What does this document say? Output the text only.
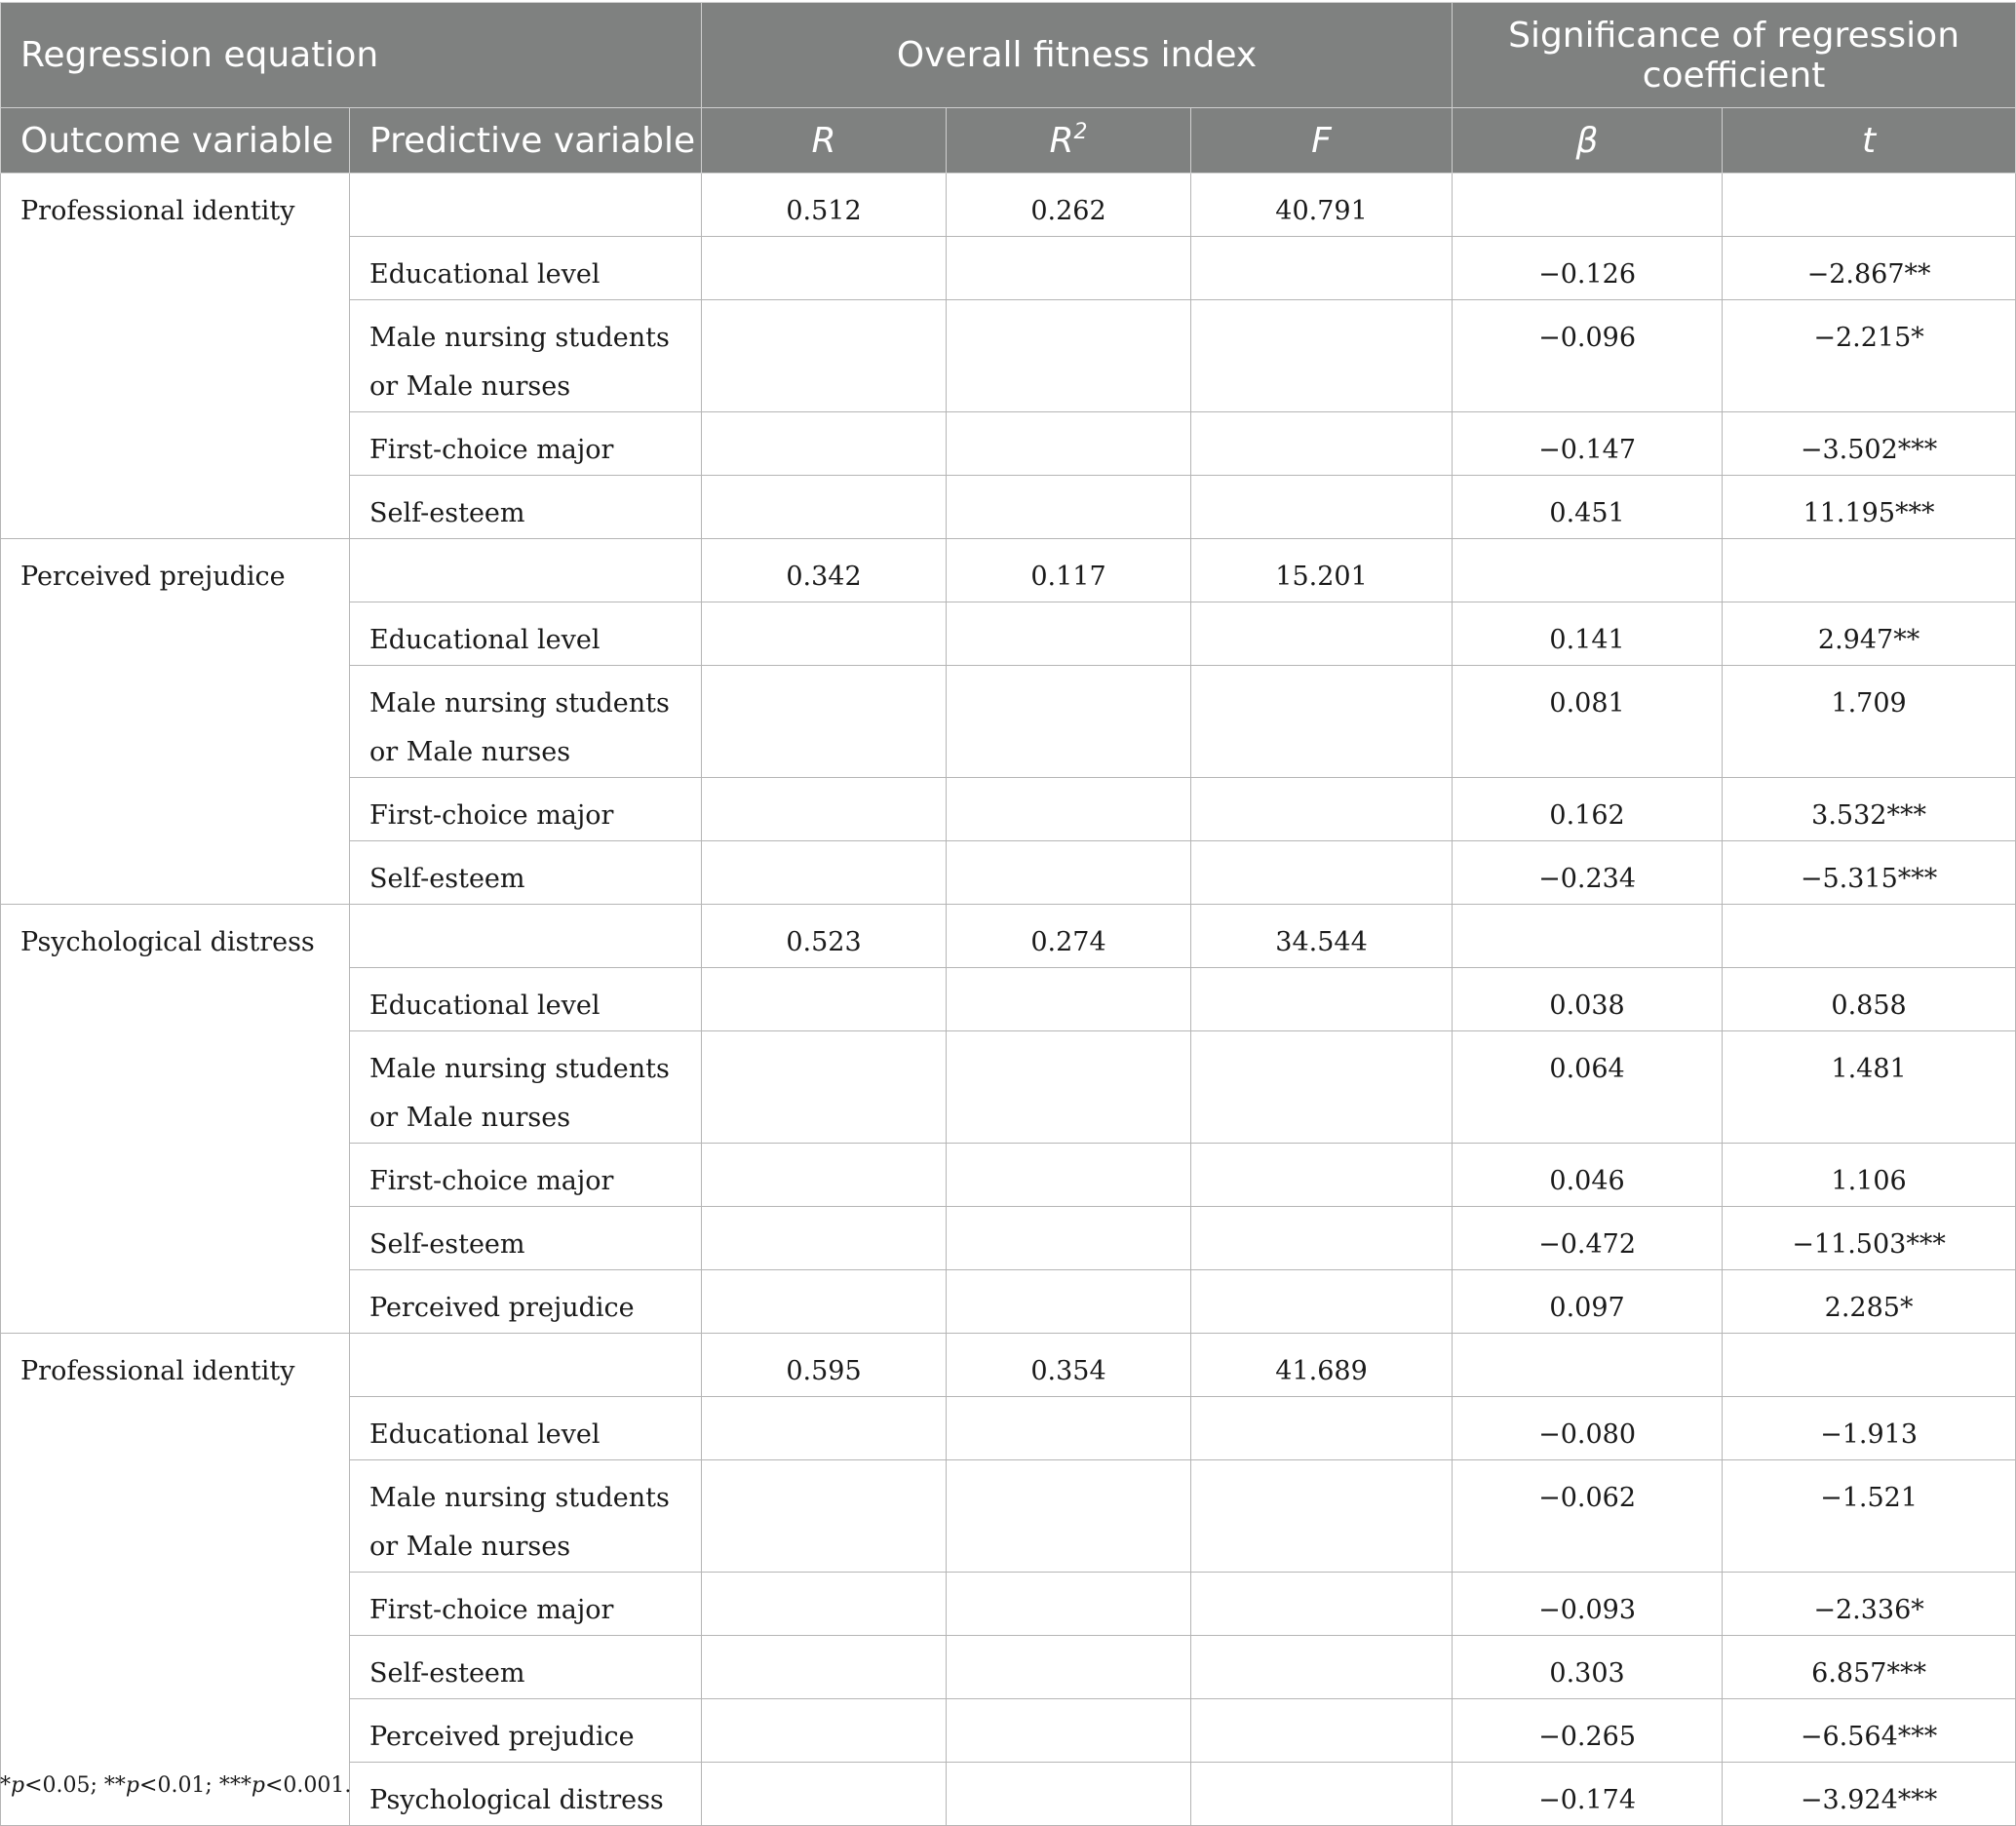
Regression equation		Overall fitness index			Significance of regression coefficient	
Outcome variable	Predictive variable	R	$R^2$	F	β	t
Professional identity		0.512	0.262	40.791		
	Educational level				−0.126	−2.867**
	Male nursing students or Male nurses				−0.096	−2.215*
	First-choice major				−0.147	−3.502***
	Self-esteem				0.451	11.195***
Perceived prejudice		0.342	0.117	15.201		
	Educational level				0.141	2.947**
	Male nursing students or Male nurses				0.081	1.709
	First-choice major				0.162	3.532***
	Self-esteem				−0.234	−5.315***
Psychological distress		0.523	0.274	34.544		
	Educational level				0.038	0.858
	Male nursing students or Male nurses				0.064	1.481
	First-choice major				0.046	1.106
	Self-esteem				−0.472	−11.503***
	Perceived prejudice				0.097	2.285*
Professional identity		0.595	0.354	41.689		
	Educational level				−0.080	−1.913
	Male nursing students or Male nurses				−0.062	−1.521
	First-choice major				−0.093	−2.336*
	Self-esteem				0.303	6.857***
	Perceived prejudice				−0.265	−6.564***
	Psychological distress				−0.174	−3.924***
*p<0.05; **p<0.01; ***p<0.001.
